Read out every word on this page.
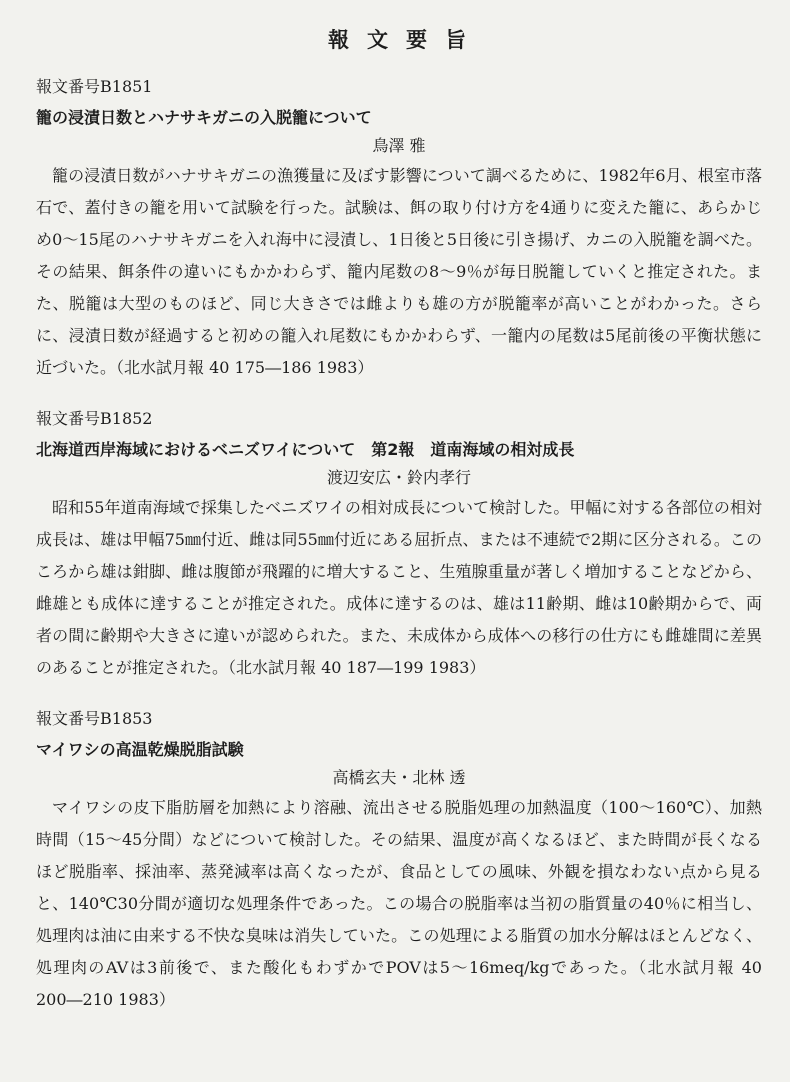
報文要旨
報文番号B1851
籠の浸漬日数とハナサキガニの入脱籠について
鳥澤 雅

籠の浸漬日数がハナサキガニの漁獲量に及ぼす影響について調べるために、1982年6月、根室市落石で、蓋付きの籠を用いて試験を行った。試験は、餌の取り付け方を4通りに変えた籠に、あらかじめ0～15尾のハナサキガニを入れ海中に浸漬し、1日後と5日後に引き揚げ、カニの入脱籠を調べた。その結果、餌条件の違いにもかかわらず、籠内尾数の8～9％が毎日脱籠していくと推定された。また、脱籠は大型のものほど、同じ大きさでは雌よりも雄の方が脱籠率が高いことがわかった。さらに、浸漬日数が経過すると初めの籠入れ尾数にもかかわらず、一籠内の尾数は5尾前後の平衡状態に近づいた。（北水試月報 40 175―186 1983）

報文番号B1852
北海道西岸海域におけるベニズワイについて　第2報　道南海域の相対成長
渡辺安広・鈴内孝行

昭和55年道南海域で採集したベニズワイの相対成長について検討した。甲幅に対する各部位の相対成長は、雄は甲幅75㎜付近、雌は同55㎜付近にある屈折点、または不連続で2期に区分される。このころから雄は鉗脚、雌は腹節が飛躍的に増大すること、生殖腺重量が著しく増加することなどから、雌雄とも成体に達することが推定された。成体に達するのは、雄は11齢期、雌は10齢期からで、両者の間に齢期や大きさに違いが認められた。また、未成体から成体への移行の仕方にも雌雄間に差異のあることが推定された。（北水試月報 40 187―199 1983）

報文番号B1853
マイワシの高温乾燥脱脂試験
高橋玄夫・北林 透

マイワシの皮下脂肪層を加熱により溶融、流出させる脱脂処理の加熱温度（100～160℃）、加熱時間（15～45分間）などについて検討した。その結果、温度が高くなるほど、また時間が長くなるほど脱脂率、採油率、蒸発減率は高くなったが、食品としての風味、外観を損なわない点から見ると、140℃30分間が適切な処理条件であった。この場合の脱脂率は当初の脂質量の40％に相当し、処理肉は油に由来する不快な臭味は消失していた。この処理による脂質の加水分解はほとんどなく、処理肉のAVは3前後で、また酸化もわずかでPOVは5～16meq/kgであった。（北水試月報 40 200―210 1983）
